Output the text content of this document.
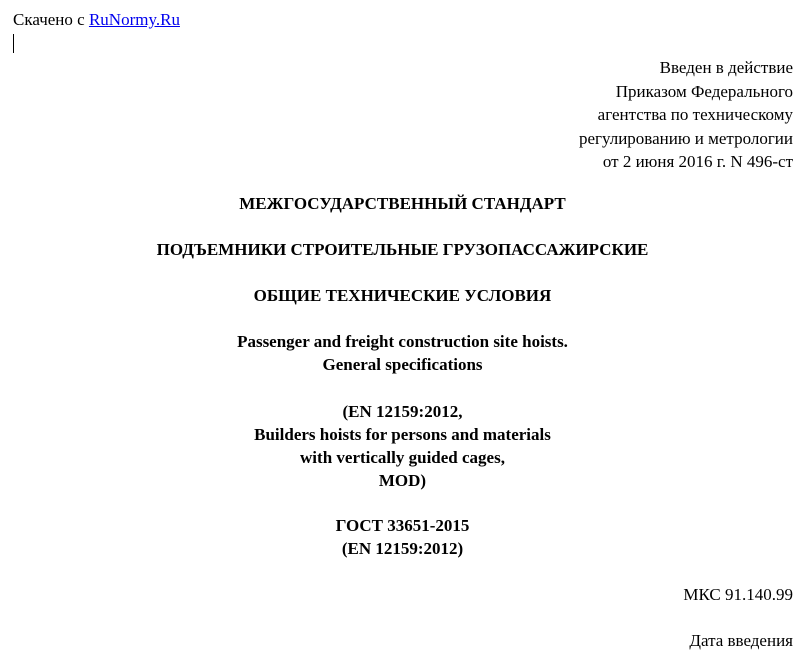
Скачено с RuNormy.Ru
Введен в действие
Приказом Федерального
агентства по техническому
регулированию и метрологии
от 2 июня 2016 г. N 496-ст
МЕЖГОСУДАРСТВЕННЫЙ СТАНДАРТ
ПОДЪЕМНИКИ СТРОИТЕЛЬНЫЕ ГРУЗОПАССАЖИРСКИЕ
ОБЩИЕ ТЕХНИЧЕСКИЕ УСЛОВИЯ
Passenger and freight construction site hoists.
General specifications
(EN 12159:2012,
Builders hoists for persons and materials
with vertically guided cages,
MOD)
ГОСТ 33651-2015
(EN 12159:2012)
МКС 91.140.99
Дата введения
